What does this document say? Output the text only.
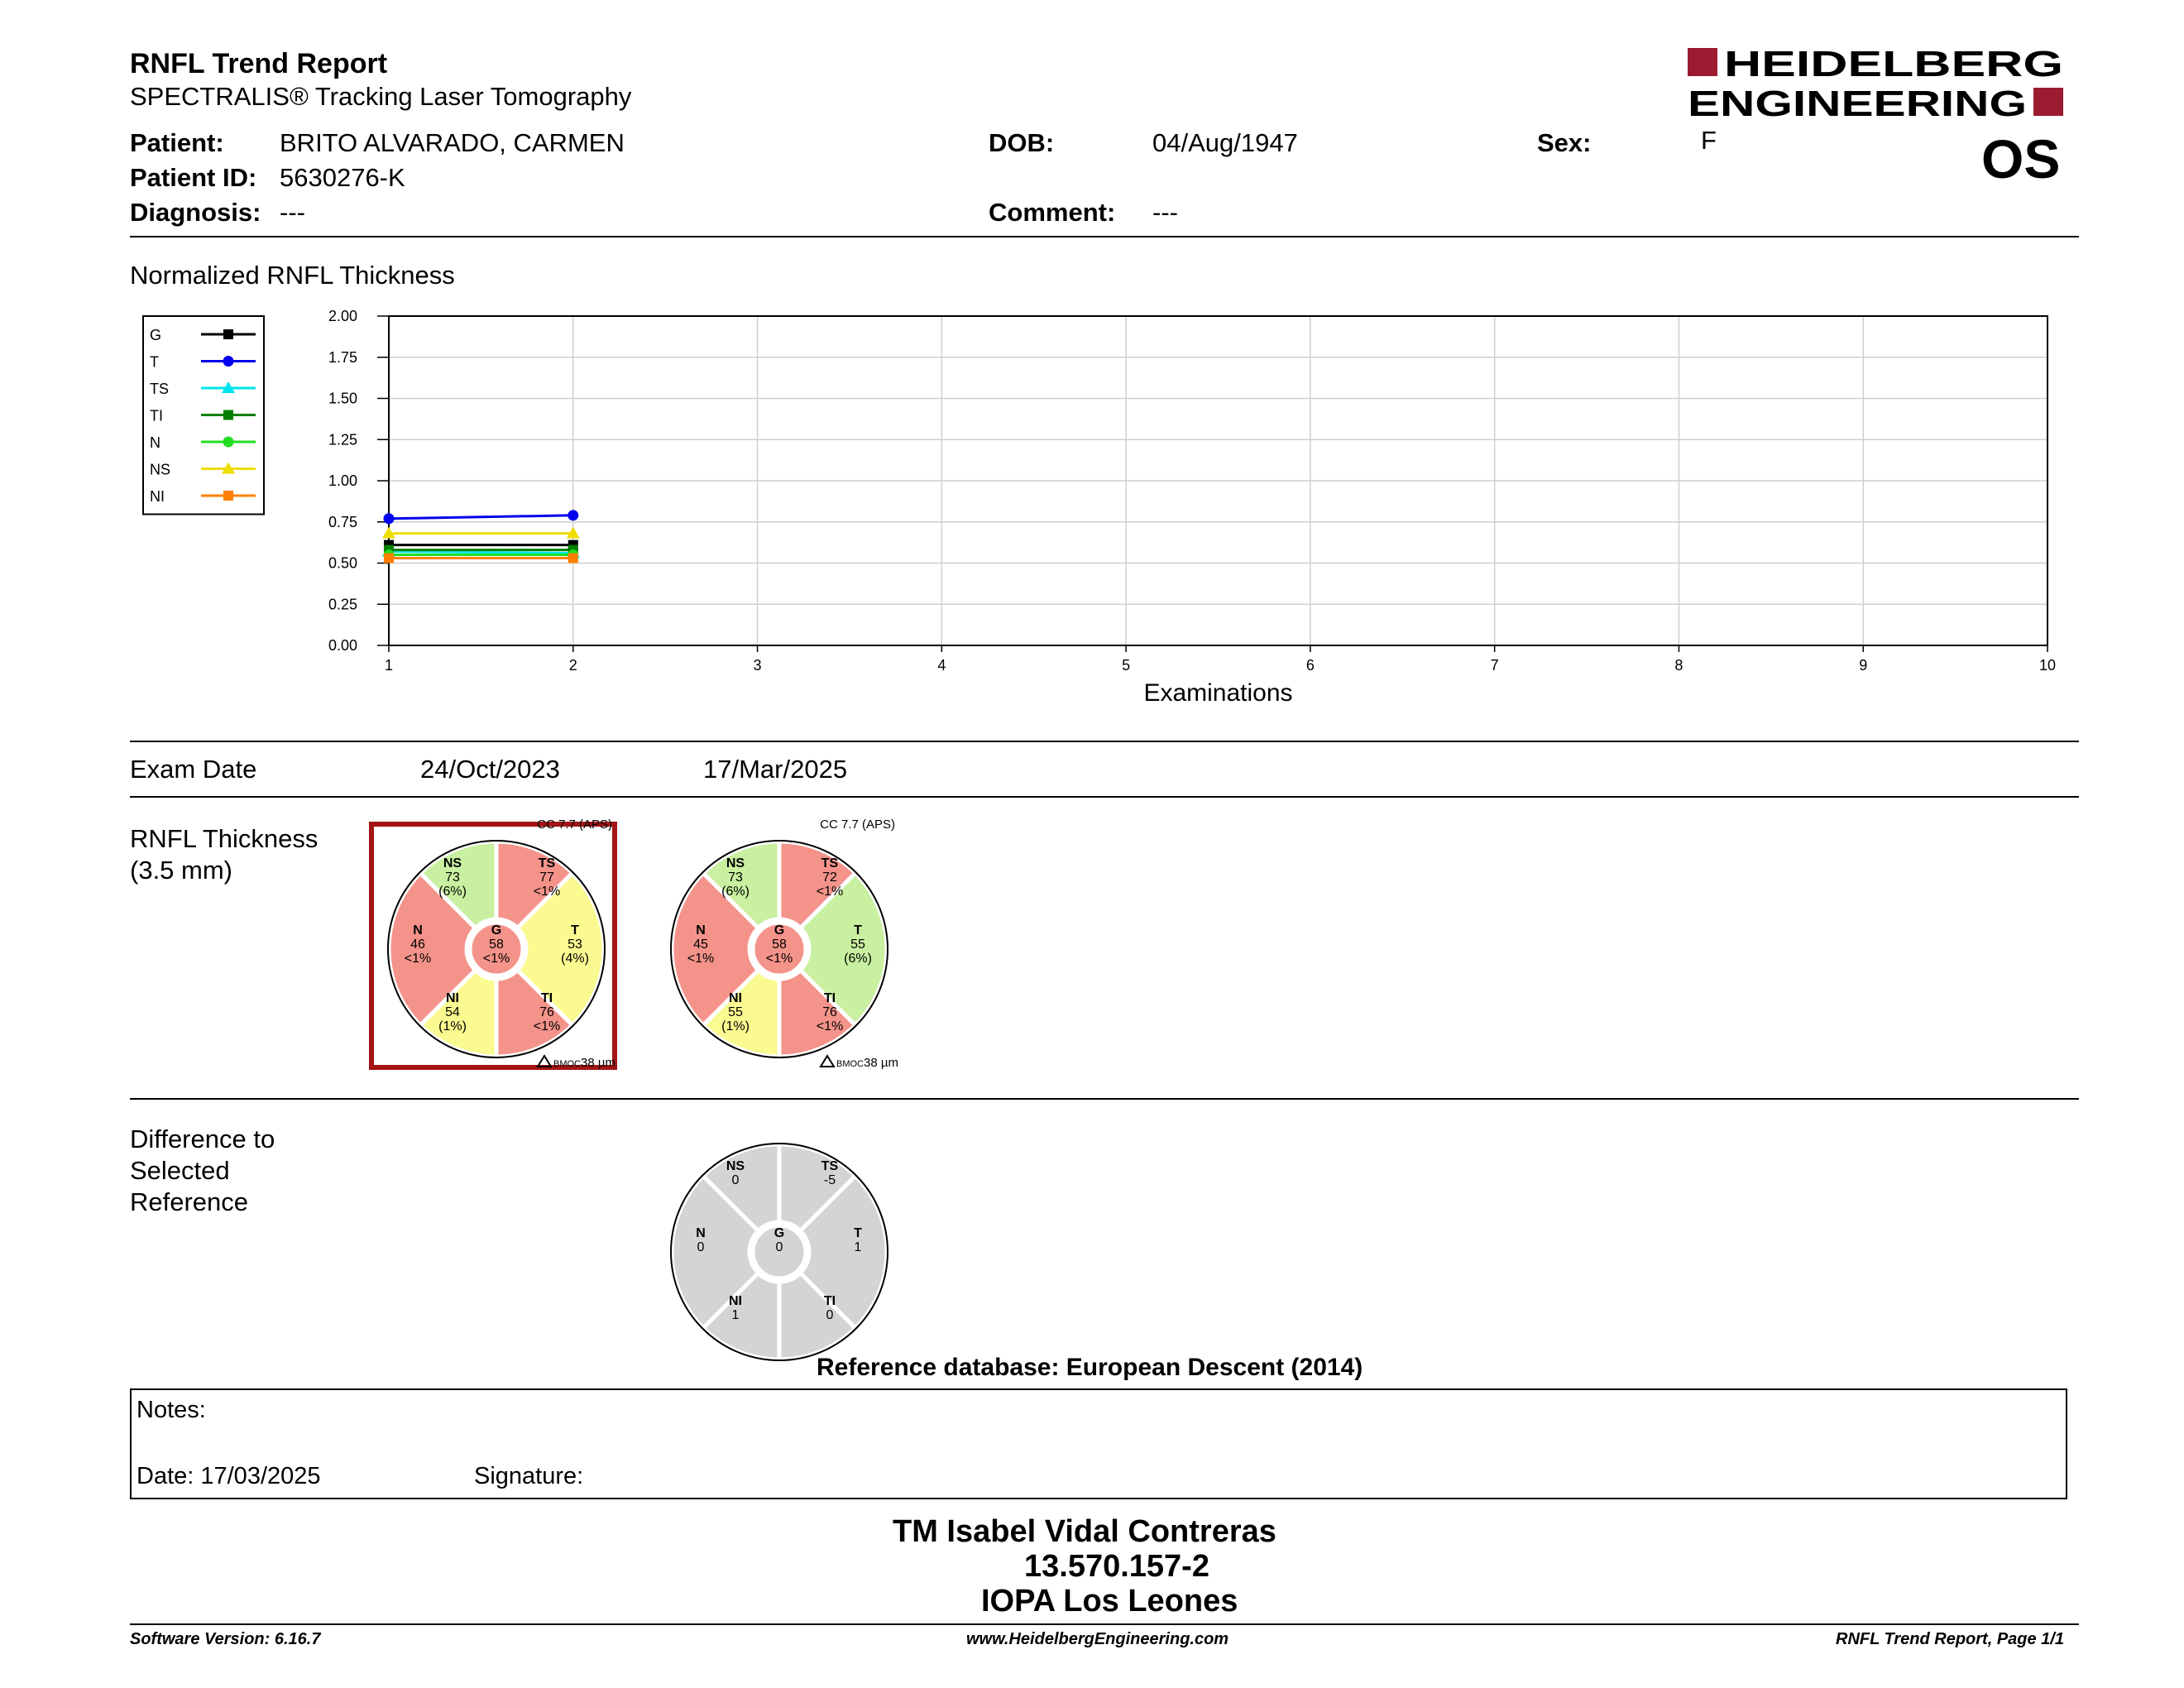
RNFL Trend Report
SPECTRALIS® Tracking Laser Tomography
HEIDELBERG
ENGINEERING
OS
Patient: BRITO ALVARADO, CARMEN
Patient ID: 5630276-K
Diagnosis: ---
DOB:	04/Aug/1947
Comment: ---
Sex:	F
Normalized RNFL Thickness
G
T
TS
TI
N
NS
NI
1	2	3	4	5	6	7	8	9	10
0.00
0.25
0.50
0.75
1.00
1.25
1.50
1.75
2.00
Examinations
Exam Date	24/Oct/2023	17/Mar/2025
RNFL Thickness
(3.5 mm)	NS
73
(6%)
TS
77
<1%
T
53
(4%)
TI
76
<1%
NI
54
(1%)
N
46
<1%
G
58
<1%
CC 7.7 (APS)
BMOC 38 µm
NS
73
(6%)
TS
72
<1%
T
55
(6%)
TI
76
<1%
NI
55
(1%)
N
45
<1%
G
58
<1%
CC 7.7 (APS)
BMOC 38 µm
Difference to
Selected
Reference
NS
0
TS
-5
T
1
TI
0
NI
1
N
0
G
0
Reference database: European Descent (2014)
Notes:
Date: 17/03/2025	Signature:
TM Isabel Vidal Contreras
13.570.157-2
IOPA Los Leones
Software Version: 6.16.7	www.HeidelbergEngineering.com	RNFL Trend Report, Page 1/1
